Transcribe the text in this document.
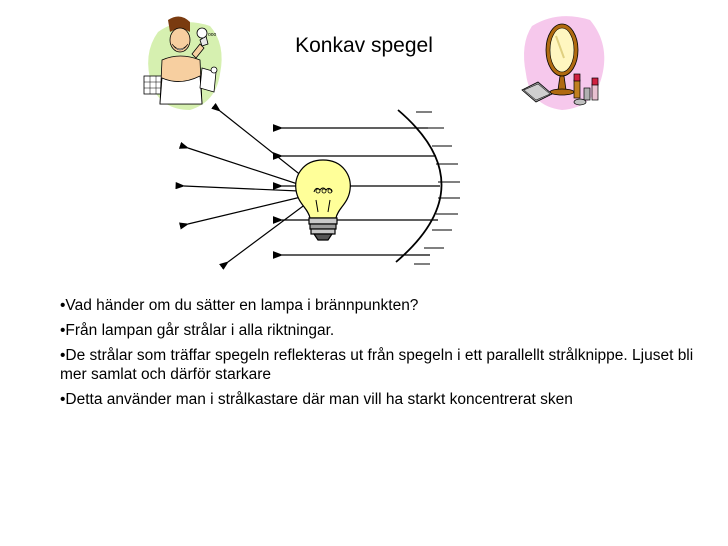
Konkav spegel
ooo
•Vad händer om du sätter en lampa i brännpunkten?
•Från lampan går strålar i alla riktningar.
•De strålar som träffar spegeln reflekteras ut från spegeln i ett parallellt strålknippe. Ljuset bli mer samlat och därför starkare
•Detta använder man i strålkastare där man vill ha starkt koncentrerat sken
